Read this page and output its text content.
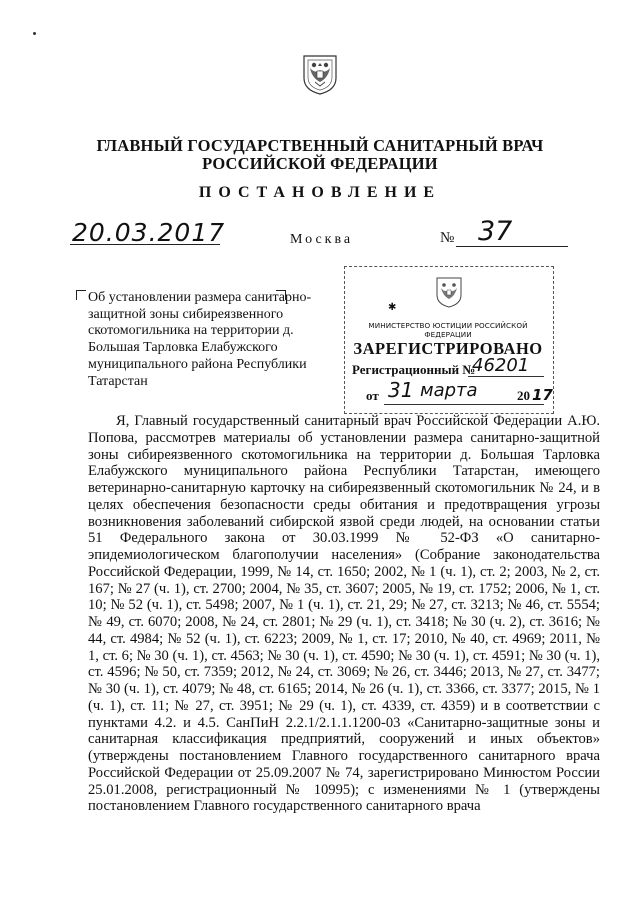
ГЛАВНЫЙ ГОСУДАРСТВЕННЫЙ САНИТАРНЫЙ ВРАЧ
РОССИЙСКОЙ ФЕДЕРАЦИИ
ПОСТАНОВЛЕНИЕ
20.03.2017	Москва	№ 37
Об установлении размера санитарно-защитной зоны сибиреязвенного скотомогильника на территории д. Большая Тарловка Елабужского муниципального района Республики Татарстан
✱
МИНИСТЕРСТВО ЮСТИЦИИ РОССИЙСКОЙ ФЕДЕРАЦИИ
ЗАРЕГИСТРИРОВАНО
Регистрационный №
46201
от 31 марта	20 17
Я, Главный государственный санитарный врач Российской Федерации А.Ю. Попова, рассмотрев материалы об установлении размера санитарно-защитной зоны сибиреязвенного скотомогильника на территории д. Большая Тарловка Елабужского муниципального района Республики Татарстан, имеющего ветеринарно-санитарную карточку на сибиреязвенный скотомогильник № 24, и в целях обеспечения безопасности среды обитания и предотвращения угрозы возникновения заболеваний сибирской язвой среди людей, на основании статьи 51 Федерального закона от 30.03.1999 № 52-ФЗ «О санитарно-эпидемиологическом благополучии населения» (Собрание законодательства Российской Федерации, 1999, № 14, ст. 1650; 2002, № 1 (ч. 1), ст. 2; 2003, № 2, ст. 167; № 27 (ч. 1), ст. 2700; 2004, № 35, ст. 3607; 2005, № 19, ст. 1752; 2006, № 1, ст. 10; № 52 (ч. 1), ст. 5498; 2007, № 1 (ч. 1), ст. 21, 29; № 27, ст. 3213; № 46, ст. 5554; № 49, ст. 6070; 2008, № 24, ст. 2801; № 29 (ч. 1), ст. 3418; № 30 (ч. 2), ст. 3616; № 44, ст. 4984; № 52 (ч. 1), ст. 6223; 2009, № 1, ст. 17; 2010, № 40, ст. 4969; 2011, № 1, ст. 6; № 30 (ч. 1), ст. 4563; № 30 (ч. 1), ст. 4590; № 30 (ч. 1), ст. 4591; № 30 (ч. 1), ст. 4596; № 50, ст. 7359; 2012, № 24, ст. 3069; № 26, ст. 3446; 2013, № 27, ст. 3477; № 30 (ч. 1), ст. 4079; № 48, ст. 6165; 2014, № 26 (ч. 1), ст. 3366, ст. 3377; 2015, № 1 (ч. 1), ст. 11; № 27, ст. 3951; № 29 (ч. 1), ст. 4339, ст. 4359) и в соответствии с пунктами 4.2. и 4.5. СанПиН 2.2.1/2.1.1.1200-03 «Санитарно-защитные зоны и санитарная классификация предприятий, сооружений и иных объектов» (утверждены постановлением Главного государственного санитарного врача Российской Федерации от 25.09.2007 № 74, зарегистрировано Минюстом России 25.01.2008, регистрационный № 10995); с изменениями № 1 (утверждены постановлением Главного государственного санитарного врача
